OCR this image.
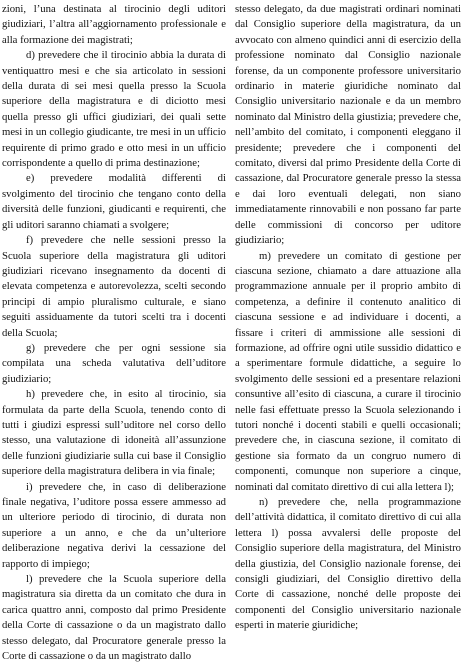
zioni, l’una destinata al tirocinio degli uditori giudiziari, l’altra all’aggiornamento professionale e alla formazione dei magistrati;

d) prevedere che il tirocinio abbia la durata di ventiquattro mesi e che sia articolato in sessioni della durata di sei mesi quella presso la Scuola superiore della magistratura e di diciotto mesi quella presso gli uffici giudiziari, dei quali sette mesi in un collegio giudicante, tre mesi in un ufficio requirente di primo grado e otto mesi in un ufficio corrispondente a quello di prima destinazione;

e) prevedere modalità differenti di svolgimento del tirocinio che tengano conto della diversità delle funzioni, giudicanti e requirenti, che gli uditori saranno chiamati a svolgere;

f) prevedere che nelle sessioni presso la Scuola superiore della magistratura gli uditori giudiziari ricevano insegnamento da docenti di elevata competenza e autorevolezza, scelti secondo principi di ampio pluralismo culturale, e siano seguiti assiduamente da tutori scelti tra i docenti della Scuola;

g) prevedere che per ogni sessione sia compilata una scheda valutativa dell’uditore giudiziario;

h) prevedere che, in esito al tirocinio, sia formulata da parte della Scuola, tenendo conto di tutti i giudizi espressi sull’uditore nel corso dello stesso, una valutazione di idoneità all’assunzione delle funzioni giudiziarie sulla cui base il Consiglio superiore della magistratura delibera in via finale;

i) prevedere che, in caso di deliberazione finale negativa, l’uditore possa essere ammesso ad un ulteriore periodo di tirocinio, di durata non superiore a un anno, e che da un’ulteriore deliberazione negativa derivi la cessazione del rapporto di impiego;

l) prevedere che la Scuola superiore della magistratura sia diretta da un comitato che dura in carica quattro anni, composto dal primo Presidente della Corte di cassazione o da un magistrato dallo stesso delegato, dal Procuratore generale presso la Corte di cassazione o da un magistrato dallo

stesso delegato, da due magistrati ordinari nominati dal Consiglio superiore della magistratura, da un avvocato con almeno quindici anni di esercizio della professione nominato dal Consiglio nazionale forense, da un componente professore universitario ordinario in materie giuridiche nominato dal Consiglio universitario nazionale e da un membro nominato dal Ministro della giustizia; prevedere che, nell’ambito del comitato, i componenti eleggano il presidente; prevedere che i componenti del comitato, diversi dal primo Presidente della Corte di cassazione, dal Procuratore generale presso la stessa e dai loro eventuali delegati, non siano immediatamente rinnovabili e non possano far parte delle commissioni di concorso per uditore giudiziario;

m) prevedere un comitato di gestione per ciascuna sezione, chiamato a dare attuazione alla programmazione annuale per il proprio ambito di competenza, a definire il contenuto analitico di ciascuna sessione e ad individuare i docenti, a fissare i criteri di ammissione alle sessioni di formazione, ad offrire ogni utile sussidio didattico e a sperimentare formule didattiche, a seguire lo svolgimento delle sessioni ed a presentare relazioni consuntive all’esito di ciascuna, a curare il tirocinio nelle fasi effettuate presso la Scuola selezionando i tutori nonché i docenti stabili e quelli occasionali; prevedere che, in ciascuna sezione, il comitato di gestione sia formato da un congruo numero di componenti, comunque non superiore a cinque, nominati dal comitato direttivo di cui alla lettera l);

n) prevedere che, nella programmazione dell’attività didattica, il comitato direttivo di cui alla lettera l) possa avvalersi delle proposte del Consiglio superiore della magistratura, del Ministro della giustizia, del Consiglio nazionale forense, dei consigli giudiziari, del Consiglio direttivo della Corte di cassazione, nonché delle proposte dei componenti del Consiglio universitario nazionale esperti in materie giuridiche;
